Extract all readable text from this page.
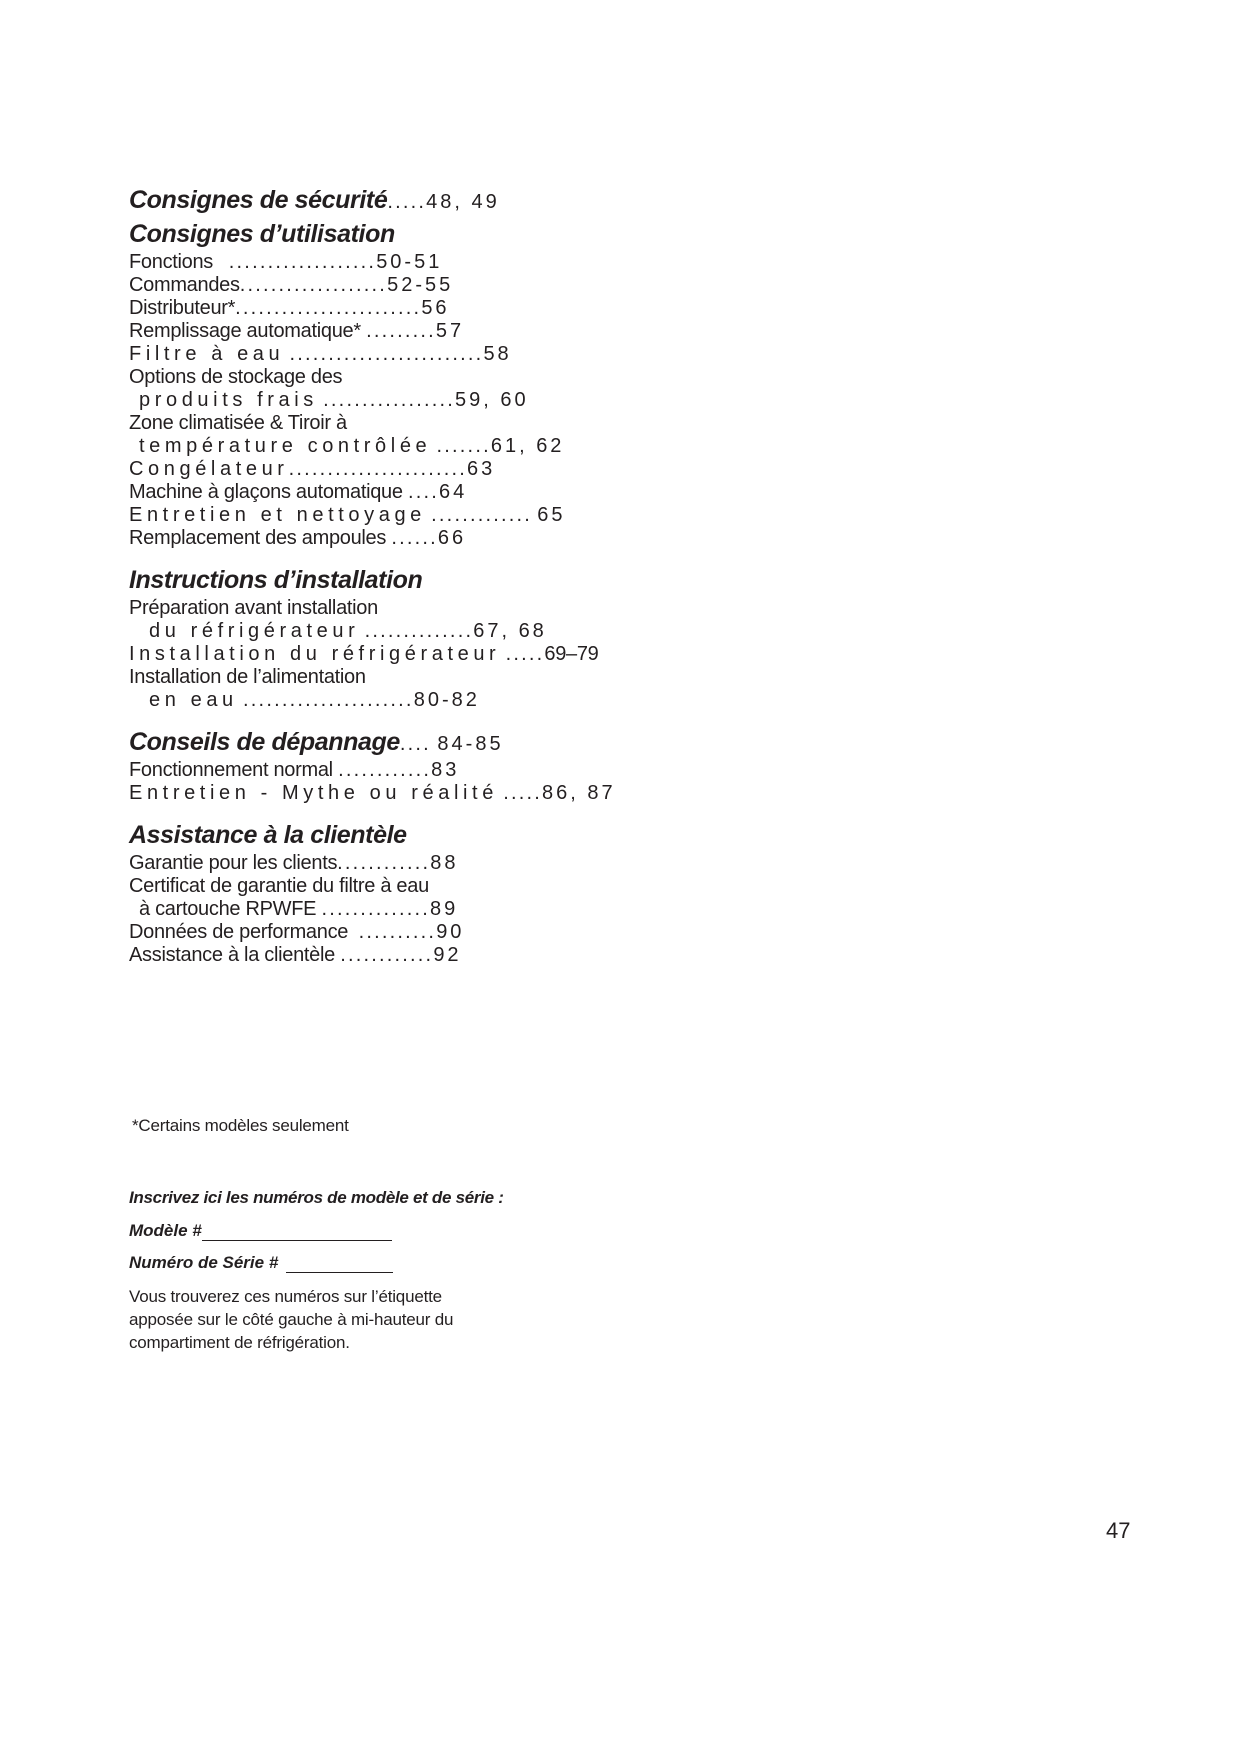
Consignes de sécurité.....48, 49
Consignes d’utilisation
Fonctions ...................50-51
Commandes...................52-55
Distributeur*........................56
Remplissage automatique* .........57
Filtre à eau .........................58
Options de stockage des
produits frais .................59, 60
Zone climatisée & Tiroir à
température contrôlée .......61, 62
Congélateur.......................63
Machine à glaçons automatique ....64
Entretien et nettoyage ............. 65
Remplacement des ampoules ......66
Instructions d’installation
Préparation avant installation
du réfrigérateur ..............67, 68
Installation du réfrigérateur .....69–79
Installation de l’alimentation
en eau ......................80-82
Conseils de dépannage.... 84-85
Fonctionnement normal ............83
Entretien - Mythe ou réalité .....86, 87
Assistance à la clientèle
Garantie pour les clients............88
Certificat de garantie du filtre à eau
à cartouche RPWFE ..............89
Données de performance ..........90
Assistance à la clientèle ............92
*Certains modèles seulement
Inscrivez ici les numéros de modèle et de série :
Modèle #
Numéro de Série #
Vous trouverez ces numéros sur l’étiquette apposée sur le côté gauche à mi-hauteur du compartiment de réfrigération.
47
